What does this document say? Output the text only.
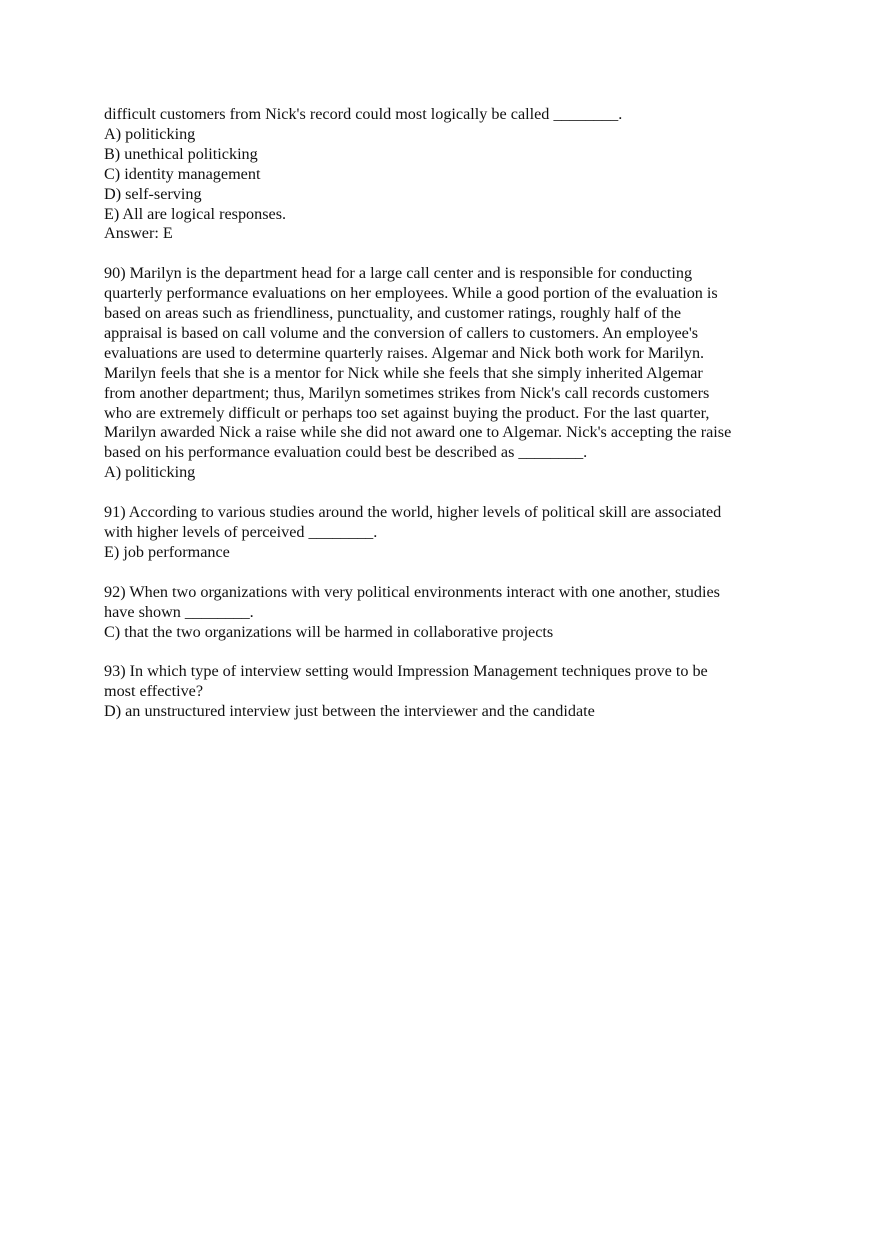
difficult customers from Nick's record could most logically be called ________.
A) politicking
B) unethical politicking
C) identity management
D) self-serving
E) All are logical responses.
Answer: E
90) Marilyn is the department head for a large call center and is responsible for conducting
quarterly performance evaluations on her employees. While a good portion of the evaluation is
based on areas such as friendliness, punctuality, and customer ratings, roughly half of the
appraisal is based on call volume and the conversion of callers to customers. An employee's
evaluations are used to determine quarterly raises. Algemar and Nick both work for Marilyn.
Marilyn feels that she is a mentor for Nick while she feels that she simply inherited Algemar
from another department; thus, Marilyn sometimes strikes from Nick's call records customers
who are extremely difficult or perhaps too set against buying the product. For the last quarter,
Marilyn awarded Nick a raise while she did not award one to Algemar. Nick's accepting the raise
based on his performance evaluation could best be described as ________.
A) politicking
91) According to various studies around the world, higher levels of political skill are associated
with higher levels of perceived ________.
E) job performance
92) When two organizations with very political environments interact with one another, studies
have shown ________.
C) that the two organizations will be harmed in collaborative projects
93) In which type of interview setting would Impression Management techniques prove to be
most effective?
D) an unstructured interview just between the interviewer and the candidate
